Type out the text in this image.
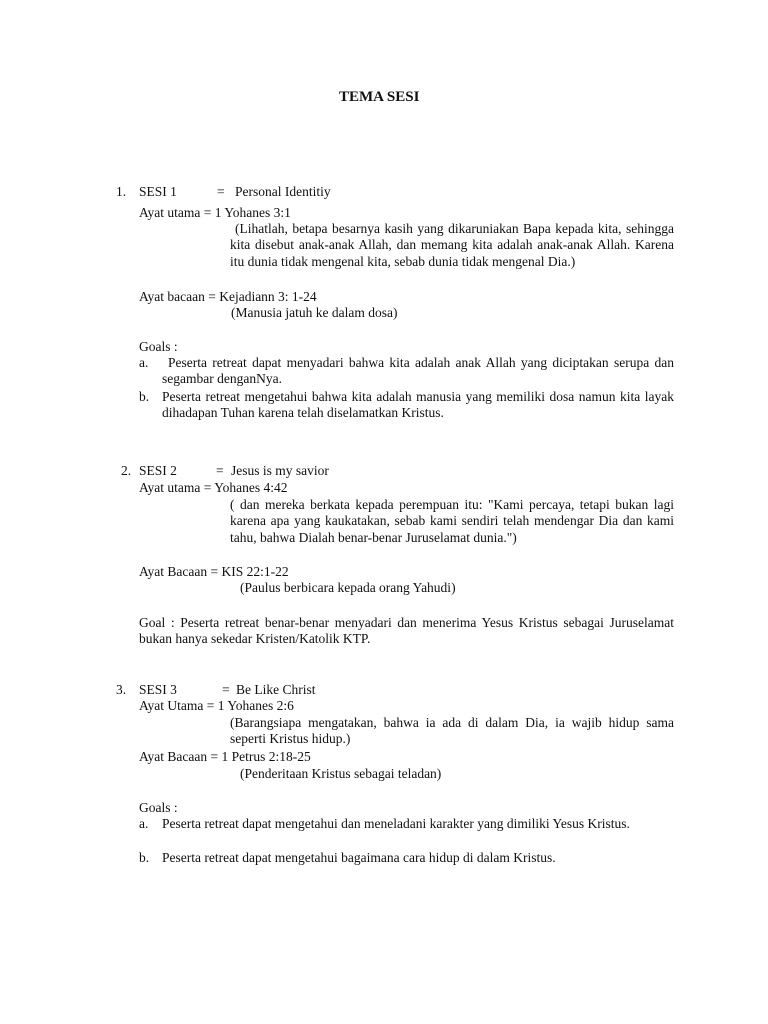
TEMA SESI
1. SESI 1	= Personal Identitiy
Ayat utama = 1 Yohanes 3:1
(Lihatlah, betapa besarnya kasih yang dikaruniakan Bapa kepada kita, sehingga kita disebut anak-anak Allah, dan memang kita adalah anak-anak Allah. Karena itu dunia tidak mengenal kita, sebab dunia tidak mengenal Dia.)
Ayat bacaan = Kejadiann 3: 1-24
(Manusia jatuh ke dalam dosa)
Goals :
a.	Peserta retreat dapat menyadari bahwa kita adalah anak Allah yang diciptakan serupa dan segambar denganNya.
b. Peserta retreat mengetahui bahwa kita adalah manusia yang memiliki dosa namun kita layak dihadapan Tuhan karena telah diselamatkan Kristus.
2. SESI 2	= Jesus is my savior
Ayat utama = Yohanes 4:42
( dan mereka berkata kepada perempuan itu: "Kami percaya, tetapi bukan lagi karena apa yang kaukatakan, sebab kami sendiri telah mendengar Dia dan kami tahu, bahwa Dialah benar-benar Juruselamat dunia.")
Ayat Bacaan = KIS 22:1-22
(Paulus berbicara kepada orang Yahudi)
Goal : Peserta retreat benar-benar menyadari dan menerima Yesus Kristus sebagai Juruselamat bukan hanya sekedar Kristen/Katolik KTP.
3. SESI 3	= Be Like Christ
Ayat Utama = 1 Yohanes 2:6
(Barangsiapa mengatakan, bahwa ia ada di dalam Dia, ia wajib hidup sama seperti Kristus hidup.)
Ayat Bacaan = 1 Petrus 2:18-25
(Penderitaan Kristus sebagai teladan)
Goals :
a. Peserta retreat dapat mengetahui dan meneladani karakter yang dimiliki Yesus Kristus.
b. Peserta retreat dapat mengetahui bagaimana cara hidup di dalam Kristus.
